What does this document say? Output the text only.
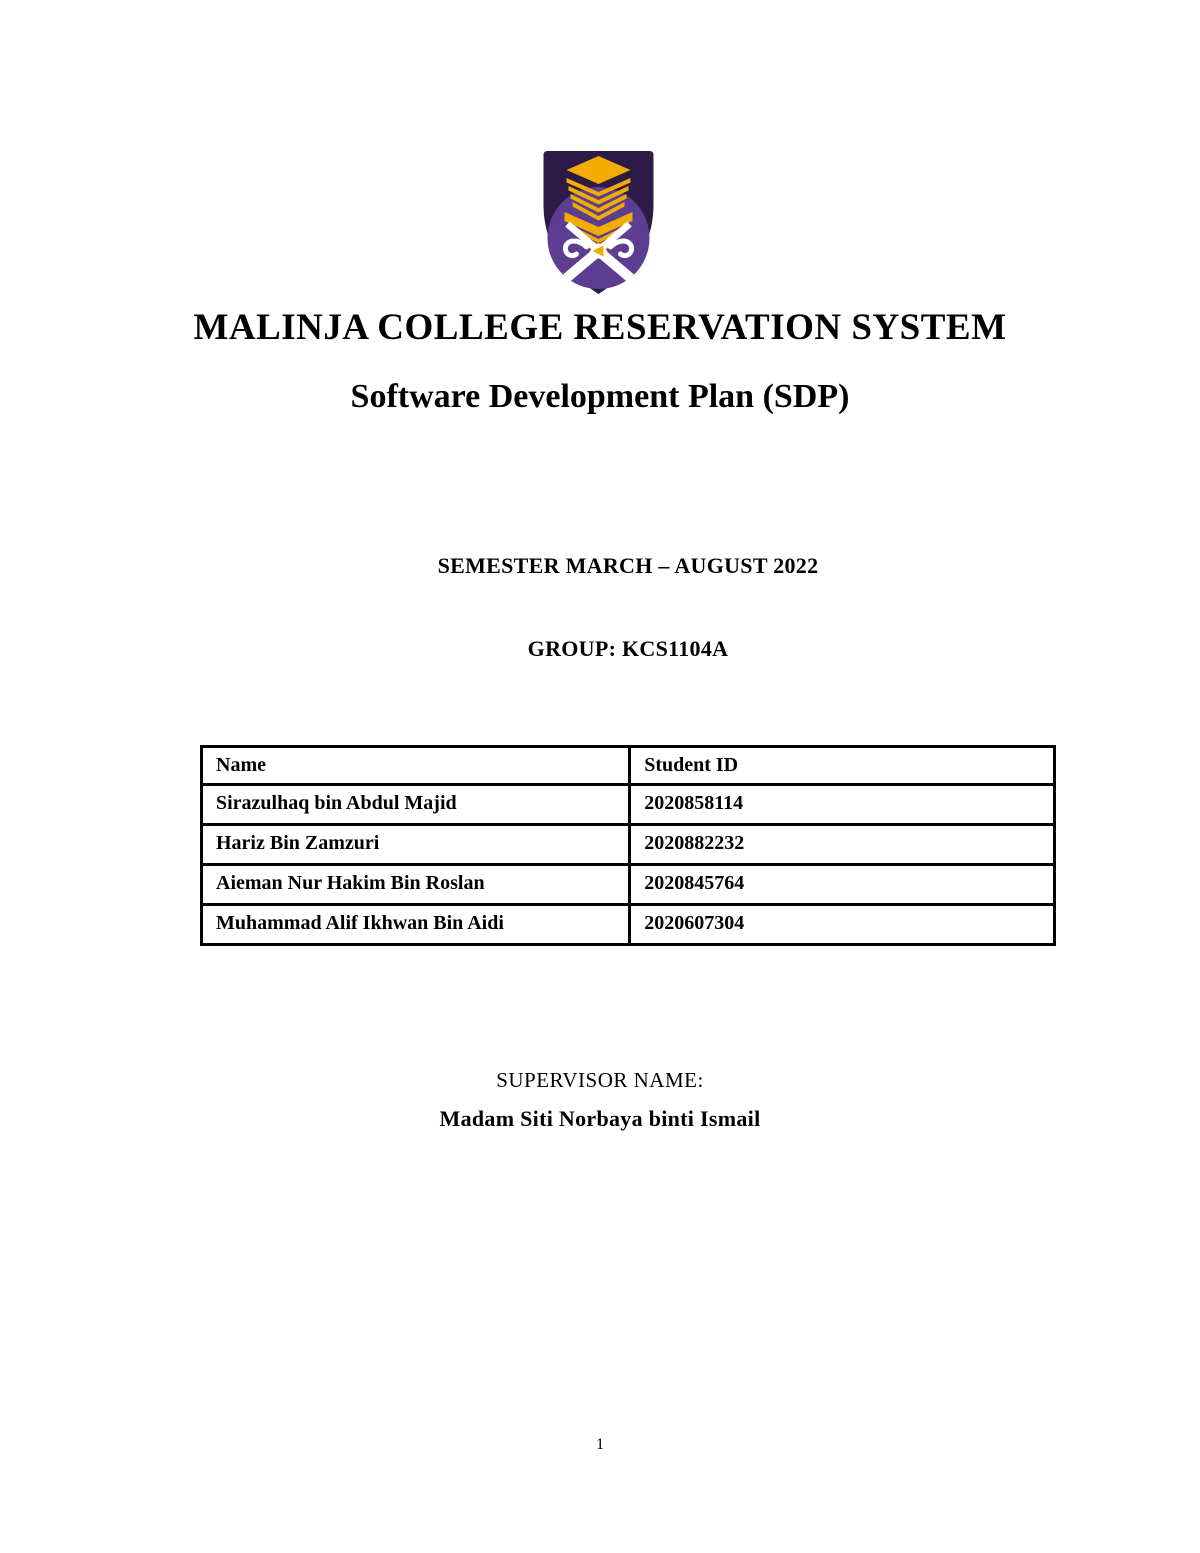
MALINJA COLLEGE RESERVATION SYSTEM
Software Development Plan (SDP)
SEMESTER MARCH – AUGUST 2022
GROUP: KCS1104A
Name	Student ID
Sirazulhaq bin Abdul Majid	2020858114
Hariz Bin Zamzuri	2020882232
Aieman Nur Hakim Bin Roslan	2020845764
Muhammad Alif Ikhwan Bin Aidi	2020607304
SUPERVISOR NAME:
Madam Siti Norbaya binti Ismail
1
